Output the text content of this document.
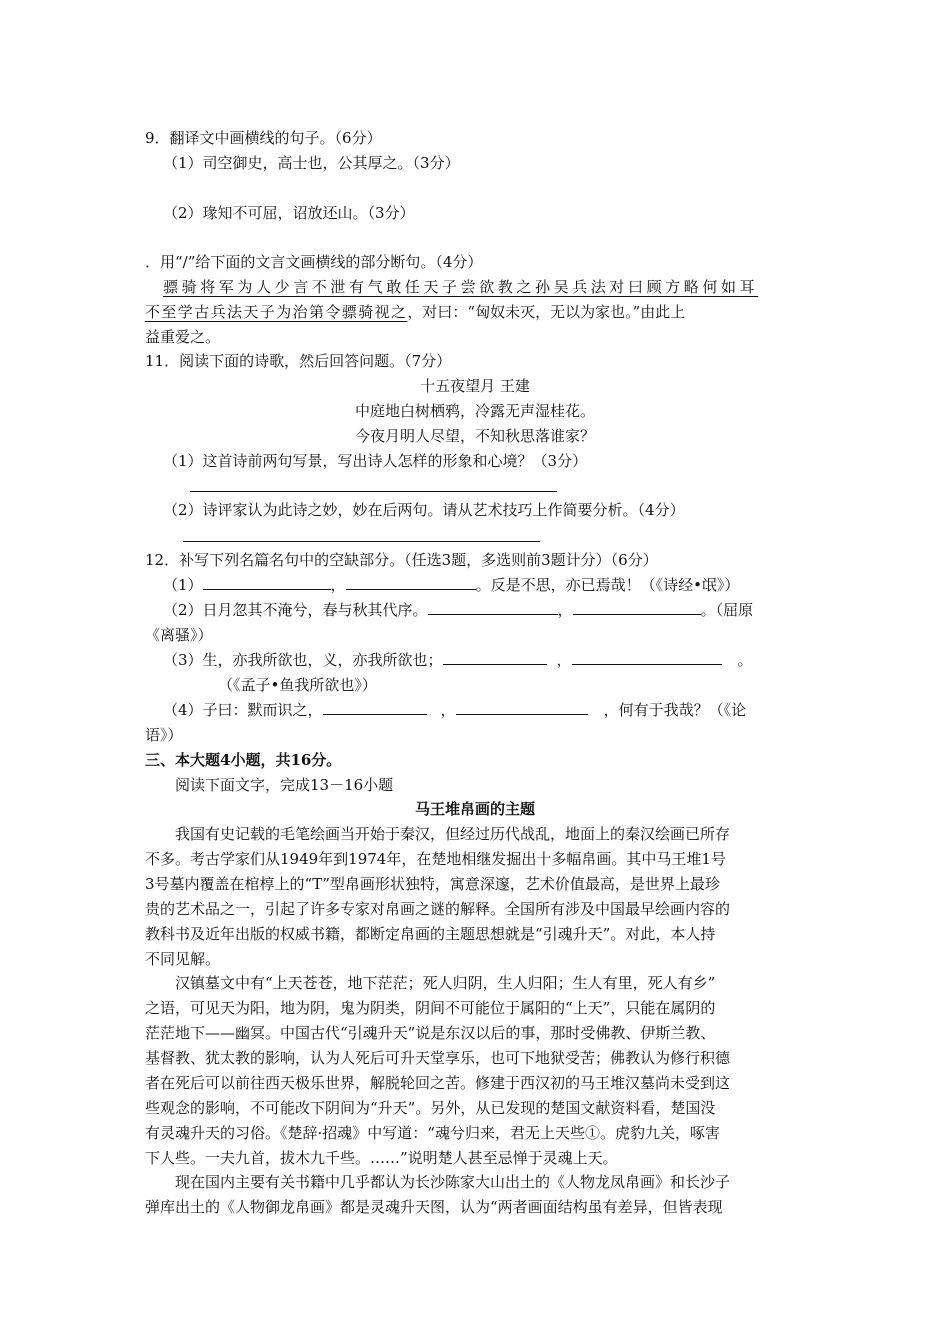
9．翻译文中画横线的句子。（6分）
（1）司空御史，高士也，公其厚之。（3分）
（2）瑑知不可屈，诏放还山。（3分）
．用“/”给下面的文言文画横线的部分断句。（4分）
骠骑将军为人少言不泄有气敢任天子尝欲教之孙吴兵法对曰顾方略何如耳
不至学古兵法天子为治第令骠骑视之，对曰：“匈奴未灭，无以为家也。”由此上
益重爱之。
11．阅读下面的诗歌，然后回答问题。（7分）
十五夜望月 王建
中庭地白树栖鸦，冷露无声湿桂花。
今夜月明人尽望，不知秋思落谁家？
（1）这首诗前两句写景，写出诗人怎样的形象和心境？（3分）
（2）诗评家认为此诗之妙，妙在后两句。请从艺术技巧上作简要分析。（4分）
12．补写下列名篇名句中的空缺部分。（任选3题，多选则前3题计分）（6分）
（1）	，	。反是不思，亦已焉哉！（《诗经•氓》）
（2）日月忽其不淹兮，春与秋其代序。	，	。（屈原
《离骚》）
（3）生，亦我所欲也，义，亦我所欲也；	，	。
（《孟子•鱼我所欲也》）
（4）子曰：默而识之，	，	，何有于我哉？（《论
语》）
三、本大题4小题，共16分。
阅读下面文字，完成13－16小题
马王堆帛画的主题
我国有史记载的毛笔绘画当开始于秦汉，但经过历代战乱，地面上的秦汉绘画已所存
不多。考古学家们从1949年到1974年，在楚地相继发掘出十多幅帛画。其中马王堆1号
3号墓内覆盖在棺椁上的“T”型帛画形状独特，寓意深邃，艺术价值最高，是世界上最珍
贵的艺术品之一，引起了许多专家对帛画之谜的解释。全国所有涉及中国最早绘画内容的
教科书及近年出版的权威书籍，都断定帛画的主题思想就是“引魂升天”。对此，本人持
不同见解。
汉镇墓文中有“上天苍苍，地下茫茫；死人归阴，生人归阳；生人有里，死人有乡”
之语，可见天为阳，地为阴，鬼为阴类，阴间不可能位于属阳的“上天”，只能在属阴的
茫茫地下——幽冥。中国古代“引魂升天”说是东汉以后的事，那时受佛教、伊斯兰教、
基督教、犹太教的影响，认为人死后可升天堂享乐，也可下地狱受苦；佛教认为修行积德
者在死后可以前往西天极乐世界，解脱轮回之苦。修建于西汉初的马王堆汉墓尚未受到这
些观念的影响，不可能改下阴间为“升天”。另外，从已发现的楚国文献资料看，楚国没
有灵魂升天的习俗。《楚辞·招魂》中写道：“魂兮归来，君无上天些①。虎豹九关，啄害
下人些。一夫九首，拔木九千些。……”说明楚人甚至忌惮于灵魂上天。
现在国内主要有关书籍中几乎都认为长沙陈家大山出土的《人物龙凤帛画》和长沙子
弹库出土的《人物御龙帛画》都是灵魂升天图，认为“两者画面结构虽有差异，但皆表现
